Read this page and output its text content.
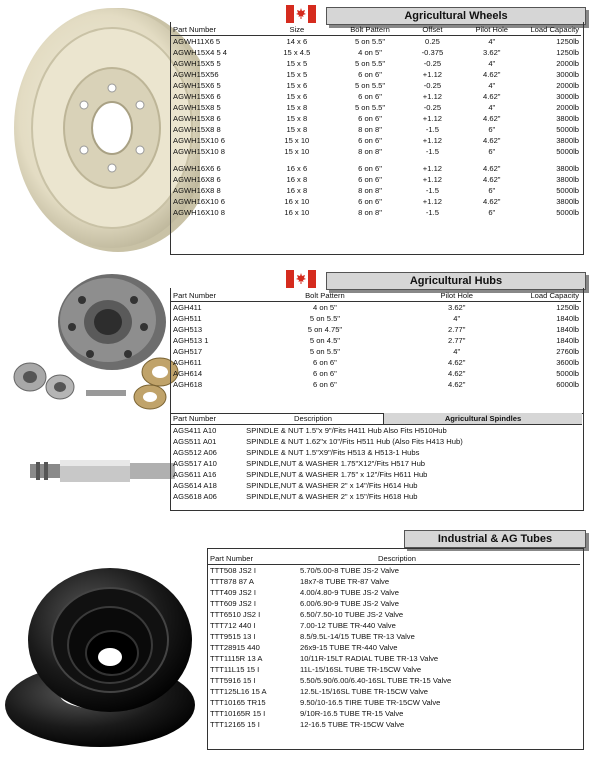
Agricultural Wheels
Part Number	Size	Bolt Pattern	Offset	Pilot Hole	Load Capacity
AGWH11X6 5	14 x 6	5 on 5.5"	0.25	4"	1250lb
AGWH15X4 5 4	15 x 4.5	4 on 5"	-0.375	3.62"	1250lb
AGWH15X5 5	15 x 5	5 on 5.5"	-0.25	4"	2000lb
AGWH15X56	15 x 5	6 on 6"	+1.12	4.62"	3000lb
AGWH15X6 5	15 x 6	5 on 5.5"	-0.25	4"	2000lb
AGWH15X6 6	15 x 6	6 on 6"	+1.12	4.62"	3000lb
AGWH15X8 5	15 x 8	5 on 5.5"	-0.25	4"	2000lb
AGWH15X8 6	15 x 8	6 on 6"	+1.12	4.62"	3800lb
AGWH15X8 8	15 x 8	8 on 8"	-1.5	6"	5000lb
AGWH15X10 6	15 x 10	6 on 6"	+1.12	4.62"	3800lb
AGWH15X10 8	15 x 10	8 on 8"	-1.5	6"	5000lb

AGWH16X6 6	16 x 6	6 on 6"	+1.12	4.62"	3800lb
AGWH16X8 6	16 x 8	6 on 6"	+1.12	4.62"	3800lb
AGWH16X8 8	16 x 8	8 on 8"	-1.5	6"	5000lb
AGWH16X10 6	16 x 10	6 on 6"	+1.12	4.62"	3800lb
AGWH16X10 8	16 x 10	8 on 8"	-1.5	6"	5000lb
Agricultural Hubs
Part Number	Bolt Pattern	Pilot Hole	Load Capacity
AGH411	4 on 5"	3.62"	1250lb
AGH511	5 on 5.5"	4"	1840lb
AGH513	5 on 4.75"	2.77"	1840lb
AGH513 1	5 on 4.5"	2.77"	1840lb
AGH517	5 on 5.5"	4"	2760lb
AGH611	6 on 6"	4.62"	3600lb
AGH614	6 on 6"	4.62"	5000lb
AGH618	6 on 6"	4.62"	6000lb
Agricultural Spindles
Part Number	Description
AGS411 A10	SPINDLE & NUT 1.5"x 9"/Fits H411 Hub Also Fits H510Hub
AGS511 A01	SPINDLE & NUT 1.62"x 10"/Fits H511 Hub (Also Fits H413 Hub)
AGS512 A06	SPINDLE & NUT 1.5"X9"/Fits H513 & H513-1 Hubs
AGS517 A10	SPINDLE,NUT & WASHER 1.75"X12"/Fits H517 Hub
AGS611 A16	SPINDLE,NUT & WASHER 1.75" x 12"/Fits H611 Hub
AGS614 A18	SPINDLE,NUT & WASHER 2" x 14"/Fits H614 Hub
AGS618 A06	SPINDLE,NUT & WASHER 2" x 15"/Fits H618 Hub
Industrial & AG Tubes
Part Number	Description
TTT508 JS2 I	5.70/5.00-8 TUBE JS-2 Valve
TTT878 87 A	18x7-8 TUBE TR-87 Valve
TTT409 JS2 I	4.00/4.80-9 TUBE JS-2 Valve
TTT609 JS2 I	6.00/6.90-9 TUBE JS-2 Valve
TTT6510 JS2 I	6.50/7.50-10 TUBE JS-2 Valve
TTT712 440 I	7.00-12 TUBE TR-440 Valve
TTT9515 13 I	8.5/9.5L-14/15 TUBE TR-13 Valve
TTT28915 440	26x9-15 TUBE TR-440 Valve
TTT1115R 13 A	10/11R-15LT RADIAL TUBE TR-13 Valve
TTT11L15 15 I	11L-15/16SL TUBE TR-15CW Valve
TTT5916 15 I	5.50/5.90/6.00/6.40-16SL TUBE TR-15 Valve
TTT125L16 15 A	12.5L-15/16SL TUBE TR-15CW Valve
TTT10165 TR15	9.50/10-16.5 TIRE TUBE TR-15CW Valve
TTT10165R 15 I	9/10R-16.5 TUBE TR-15 Valve
TTT12165 15 I	12-16.5 TUBE TR-15CW Valve
